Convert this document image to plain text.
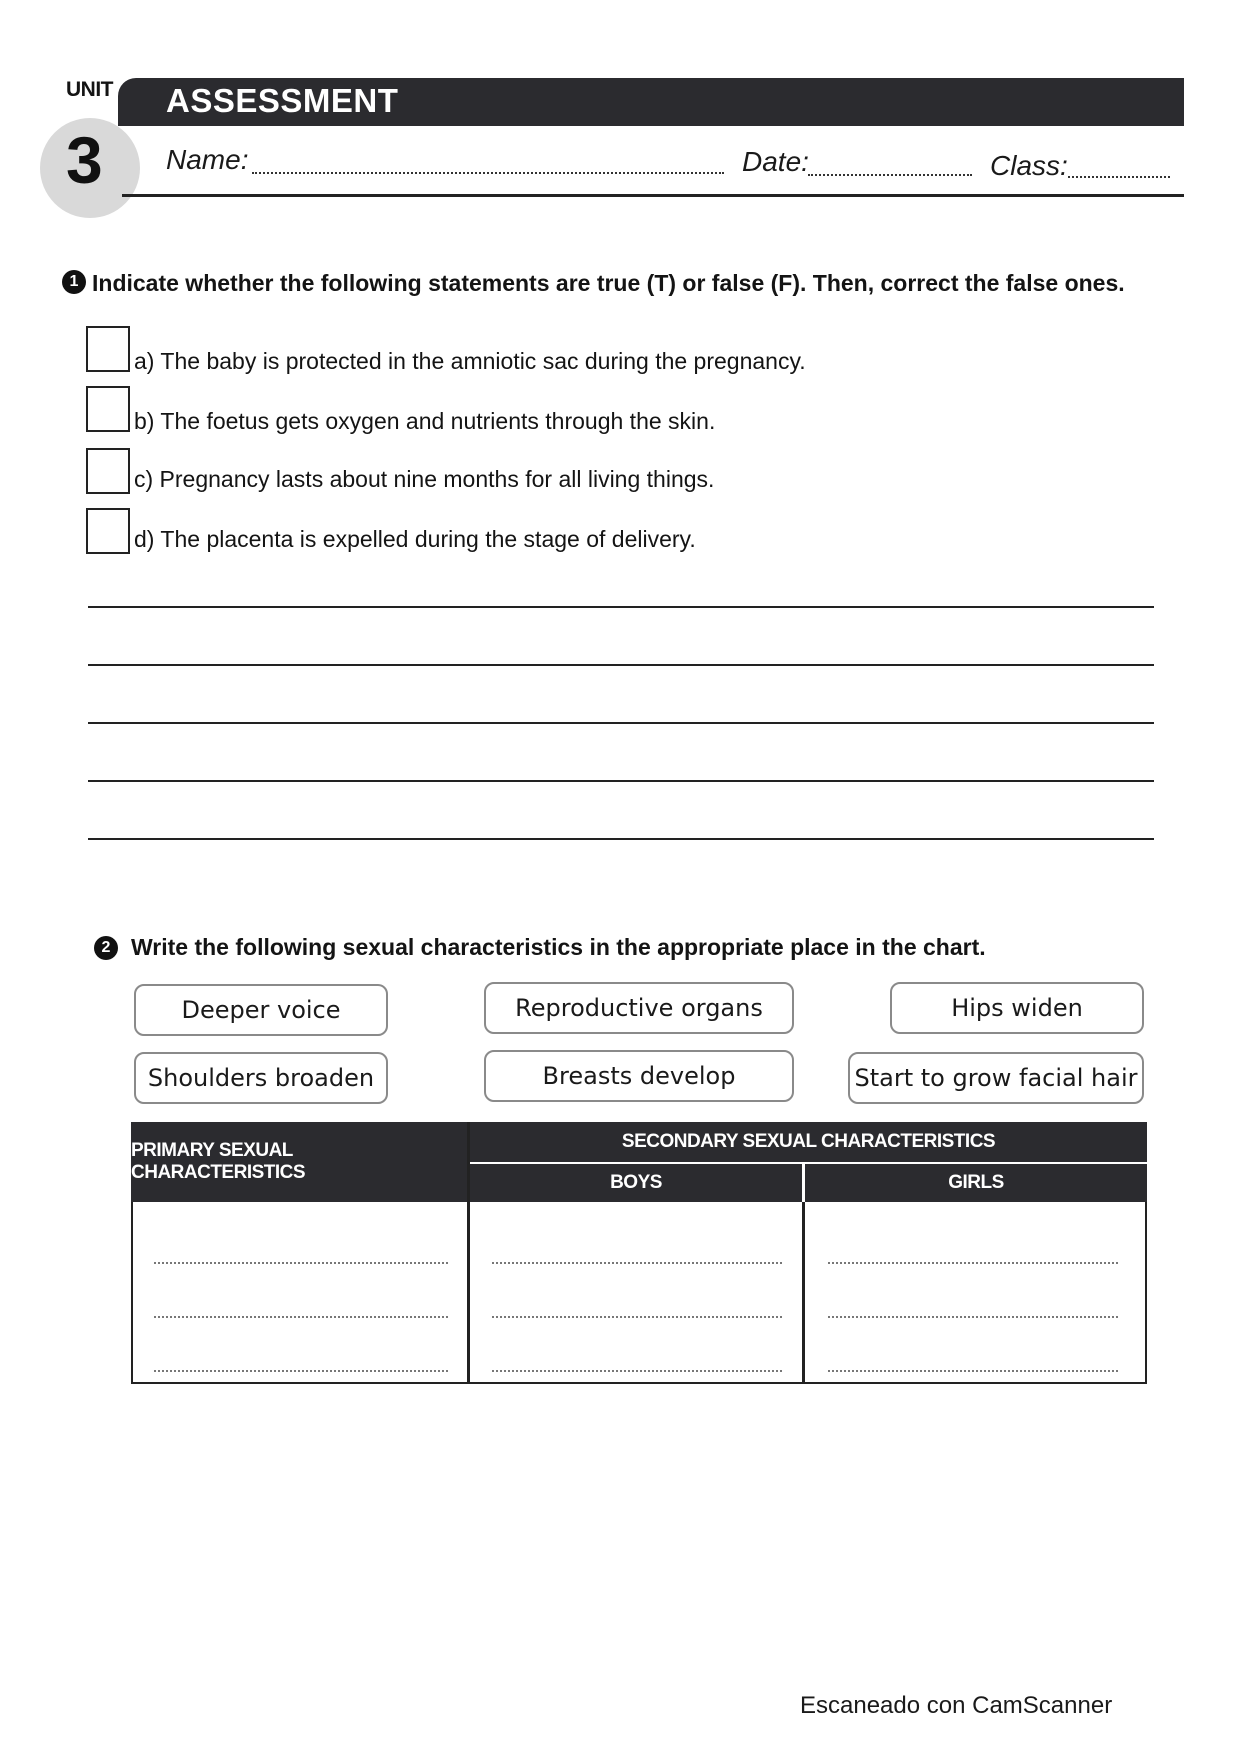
UNIT
3
ASSESSMENT
Name:	Date:	Class:
1 Indicate whether the following statements are true (T) or false (F). Then, correct the false ones.
a) The baby is protected in the amniotic sac during the pregnancy.
b) The foetus gets oxygen and nutrients through the skin.
c) Pregnancy lasts about nine months for all living things.
d) The placenta is expelled during the stage of delivery.
2 Write the following sexual characteristics in the appropriate place in the chart.
Deeper voice	Reproductive organs	Hips widen
Shoulders broaden	Breasts develop	Start to grow facial hair
PRIMARY SEXUAL CHARACTERISTICS
SECONDARY SEXUAL CHARACTERISTICS
BOYS	GIRLS
Escaneado con CamScanner
